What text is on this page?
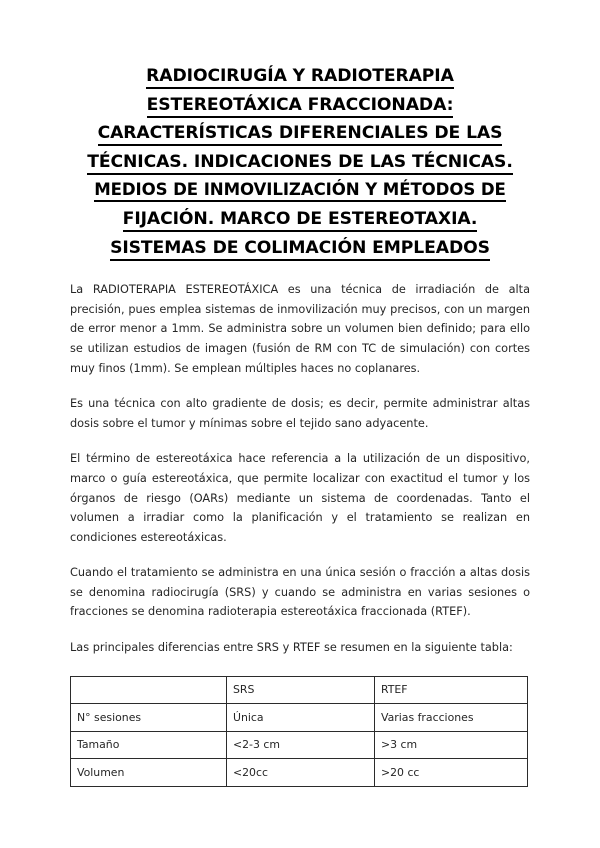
RADIOCIRUGÍA Y RADIOTERAPIA
ESTEREOTÁXICA FRACCIONADA:
CARACTERÍSTICAS DIFERENCIALES DE LAS
TÉCNICAS. INDICACIONES DE LAS TÉCNICAS.
MEDIOS DE INMOVILIZACIÓN Y MÉTODOS DE
FIJACIÓN. MARCO DE ESTEREOTAXIA.
SISTEMAS DE COLIMACIÓN EMPLEADOS

La RADIOTERAPIA ESTEREOTÁXICA es una técnica de irradiación de alta precisión, pues emplea sistemas de inmovilización muy precisos, con un margen de error menor a 1mm. Se administra sobre un volumen bien definido; para ello se utilizan estudios de imagen (fusión de RM con TC de simulación) con cortes muy finos (1mm). Se emplean múltiples haces no coplanares.

Es una técnica con alto gradiente de dosis; es decir, permite administrar altas dosis sobre el tumor y mínimas sobre el tejido sano adyacente.

El término de estereotáxica hace referencia a la utilización de un dispositivo, marco o guía estereotáxica, que permite localizar con exactitud el tumor y los órganos de riesgo (OARs) mediante un sistema de coordenadas. Tanto el volumen a irradiar como la planificación y el tratamiento se realizan en condiciones estereotáxicas.

Cuando el tratamiento se administra en una única sesión o fracción a altas dosis se denomina radiocirugía (SRS) y cuando se administra en varias sesiones o fracciones se denomina radioterapia estereotáxica fraccionada (RTEF).

Las principales diferencias entre SRS y RTEF se resumen en la siguiente tabla:

	SRS	RTEF
N° sesiones	Única	Varias fracciones
Tamaño	<2-3 cm	>3 cm
Volumen	<20cc	>20 cc
